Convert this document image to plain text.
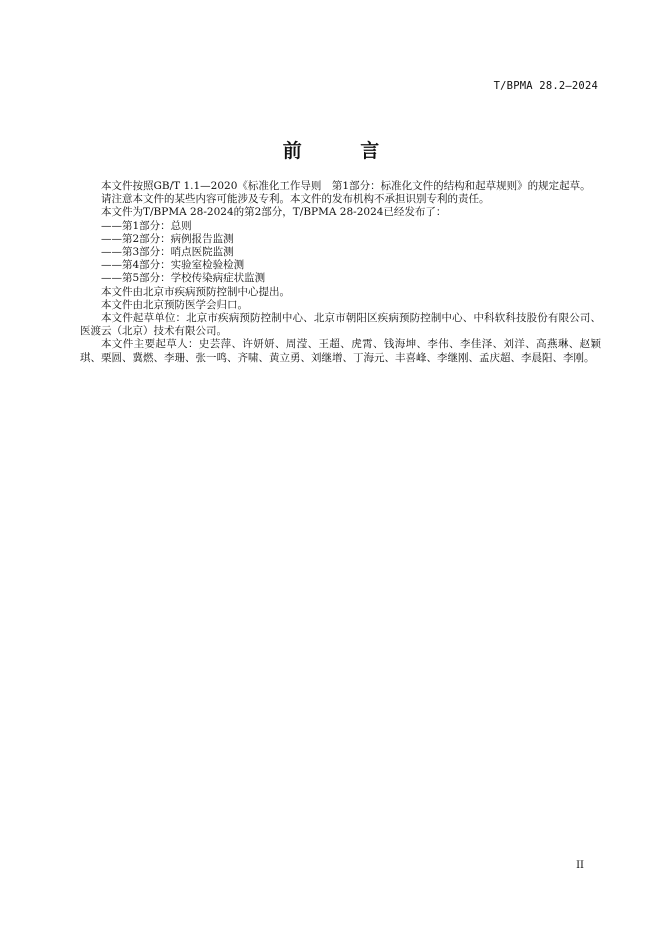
T/BPMA 28.2—2024
前 言

本文件按照GB/T 1.1—2020《标准化工作导则　第1部分：标准化文件的结构和起草规则》的规定起草。

请注意本文件的某些内容可能涉及专利。本文件的发布机构不承担识别专利的责任。

本文件为T/BPMA 28-2024的第2部分，T/BPMA 28-2024已经发布了：

——第1部分：总则

——第2部分：病例报告监测

——第3部分：哨点医院监测

——第4部分：实验室检验检测

——第5部分：学校传染病症状监测

本文件由北京市疾病预防控制中心提出。

本文件由北京预防医学会归口。

本文件起草单位：北京市疾病预防控制中心、北京市朝阳区疾病预防控制中心、中科软科技股份有限公司、医渡云（北京）技术有限公司。

本文件主要起草人：史芸萍、许妍妍、周滢、王超、虎霄、钱海坤、李伟、李佳泽、刘洋、高燕琳、赵颖琪、栗圆、冀燃、李珊、张一鸣、齐啸、黄立勇、刘继增、丁海元、丰喜峰、李继刚、孟庆超、李晨阳、李刚。

II
